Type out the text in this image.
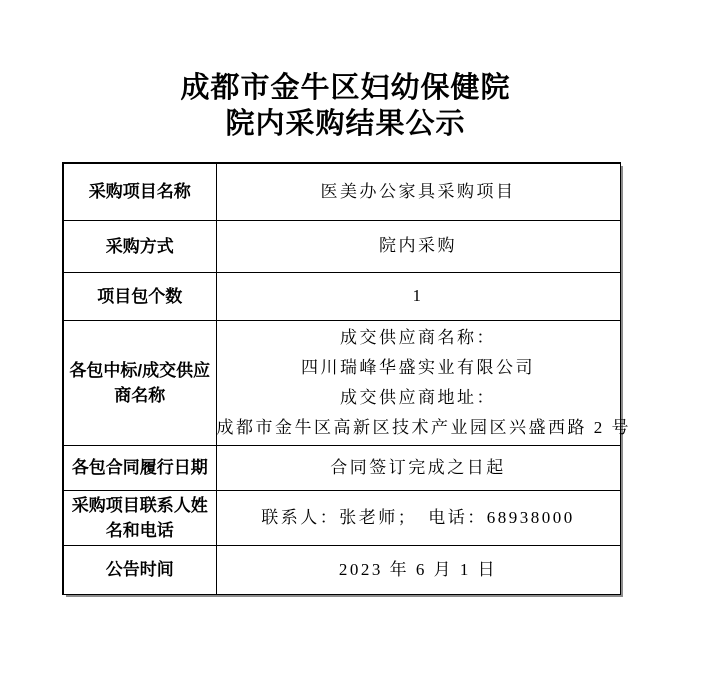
成都市金牛区妇幼保健院
院内采购结果公示
采购项目名称	医美办公家具采购项目
采购方式	院内采购
项目包个数	1
各包中标/成交供应商名称	成交供应商名称：
四川瑞峰华盛实业有限公司
成交供应商地址：
成都市金牛区高新区技术产业园区兴盛西路 2 号

各包合同履行日期	合同签订完成之日起
采购项目联系人姓名和电话	联系人：张老师；　电话：68938000
公告时间	2023 年 6 月 1 日
